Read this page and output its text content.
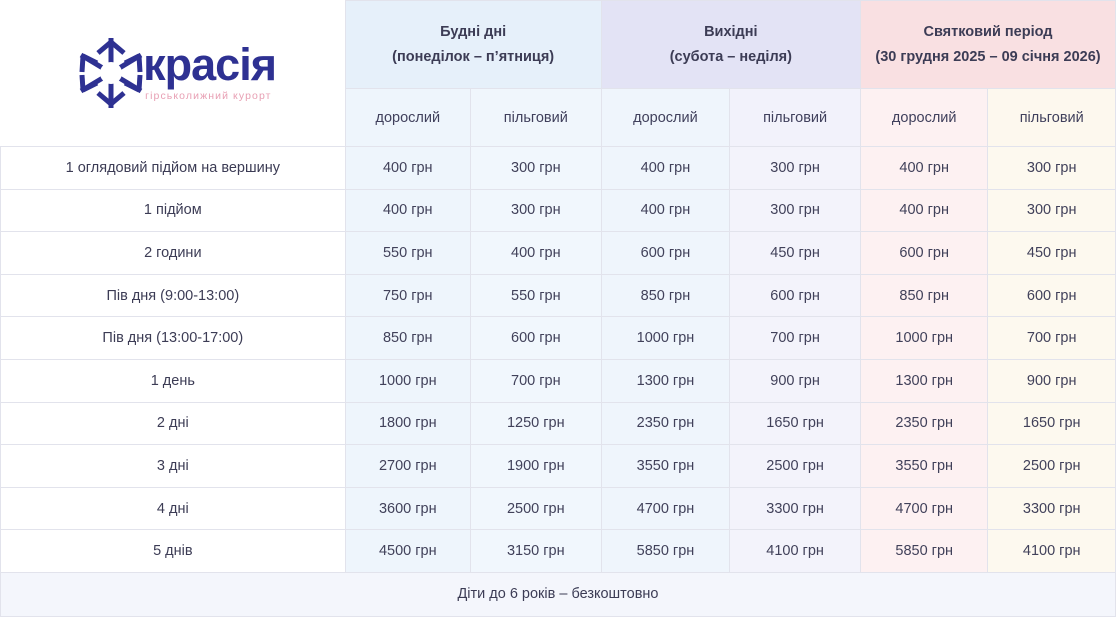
красія
гірськолижний курорт

Будні дні
(понеділок – п’ятниця)

Вихідні
(субота – неділя)

Святковий період
(30 грудня 2025 – 09 січня 2026)

	дорослий	пільговий	дорослий	пільговий	дорослий	пільговий
1 оглядовий підйом на вершину	400 грн	300 грн	400 грн	300 грн	400 грн	300 грн
1 підйом	400 грн	300 грн	400 грн	300 грн	400 грн	300 грн
2 години	550 грн	400 грн	600 грн	450 грн	600 грн	450 грн
Пів дня (9:00-13:00)	750 грн	550 грн	850 грн	600 грн	850 грн	600 грн
Пів дня (13:00-17:00)	850 грн	600 грн	1000 грн	700 грн	1000 грн	700 грн
1 день	1000 грн	700 грн	1300 грн	900 грн	1300 грн	900 грн
2 дні	1800 грн	1250 грн	2350 грн	1650 грн	2350 грн	1650 грн
3 дні	2700 грн	1900 грн	3550 грн	2500 грн	3550 грн	2500 грн
4 дні	3600 грн	2500 грн	4700 грн	3300 грн	4700 грн	3300 грн
5 днів	4500 грн	3150 грн	5850 грн	4100 грн	5850 грн	4100 грн
Діти до 6 років – безкоштовно						
